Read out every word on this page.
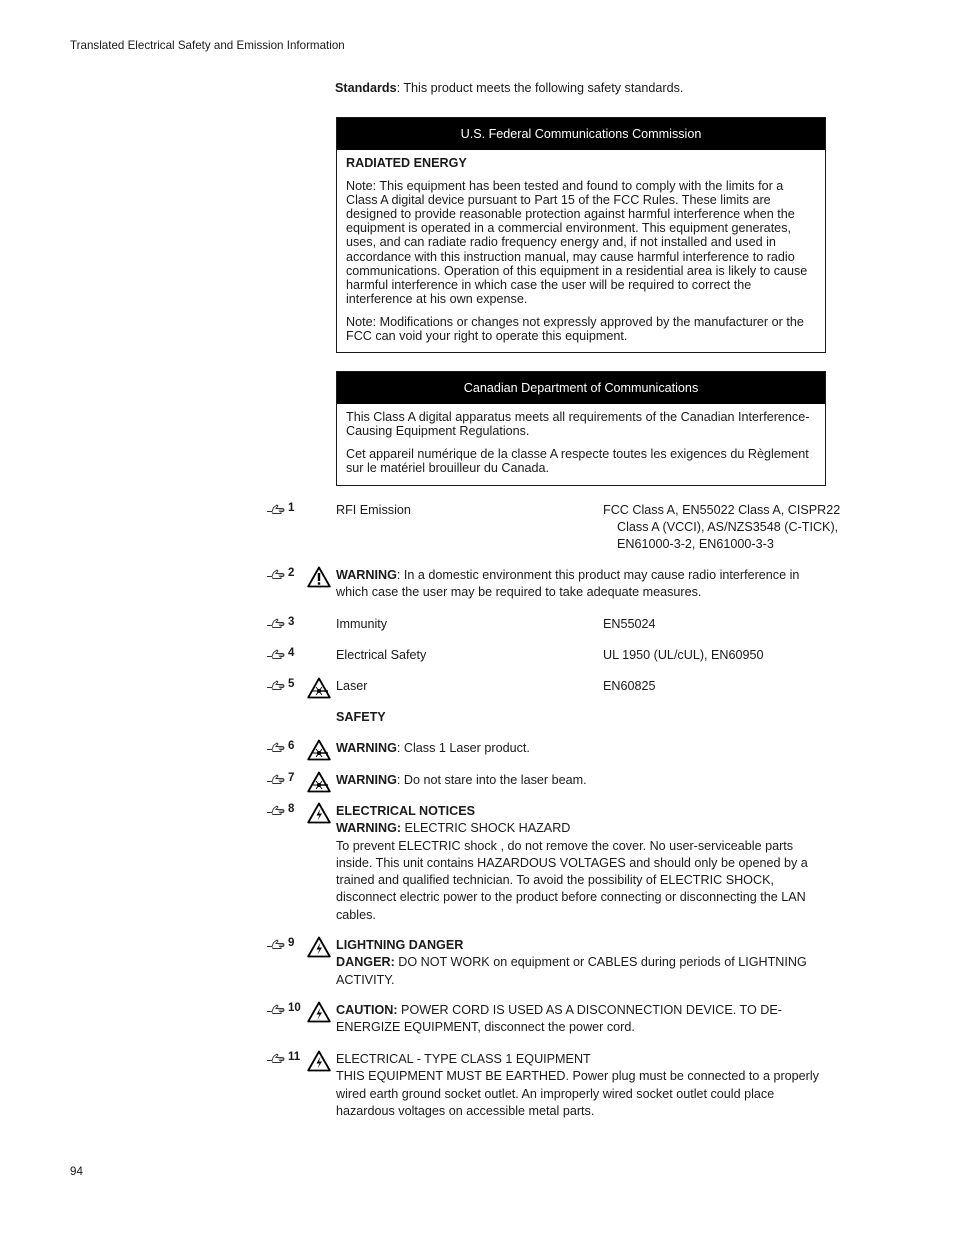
Translated Electrical Safety and Emission Information
Standards: This product meets the following safety standards.
U.S. Federal Communications Commission

RADIATED ENERGY

Note: This equipment has been tested and found to comply with the limits for a Class A digital device pursuant to Part 15 of the FCC Rules. These limits are designed to provide reasonable protection against harmful interference when the equipment is operated in a commercial environment. This equipment generates, uses, and can radiate radio frequency energy and, if not installed and used in accordance with this instruction manual, may cause harmful interference to radio communications. Operation of this equipment in a residential area is likely to cause harmful interference in which case the user will be required to correct the interference at his own expense.

Note: Modifications or changes not expressly approved by the manufacturer or the FCC can void your right to operate this equipment.

Canadian Department of Communications

This Class A digital apparatus meets all requirements of the Canadian Interference-Causing Equipment Regulations.

Cet appareil numérique de la classe A respecte toutes les exigences du Règlement sur le matériel brouilleur du Canada.

1	RFI Emission	FCC Class A, EN55022 Class A, CISPR22
Class A (VCCI), AS/NZS3548 (C-TICK),
EN61000-3-2, EN61000-3-3
2	WARNING: In a domestic environment this product may cause radio interference in which case the user may be required to take adequate measures.
3	Immunity	EN55024
4	Electrical Safety	UL 1950 (UL/cUL), EN60950
5	Laser	EN60825
SAFETY
6	WARNING: Class 1 Laser product.
7	WARNING: Do not stare into the laser beam.
8	ELECTRICAL NOTICES
WARNING: ELECTRIC SHOCK HAZARD
To prevent ELECTRIC shock , do not remove the cover. No user-serviceable parts inside. This unit contains HAZARDOUS VOLTAGES and should only be opened by a trained and qualified technician. To avoid the possibility of ELECTRIC SHOCK, disconnect electric power to the product before connecting or disconnecting the LAN cables.
9	LIGHTNING DANGER
DANGER: DO NOT WORK on equipment or CABLES during periods of LIGHTNING ACTIVITY.
10	CAUTION: POWER CORD IS USED AS A DISCONNECTION DEVICE. TO DE-ENERGIZE EQUIPMENT, disconnect the power cord.
11	ELECTRICAL - TYPE CLASS 1 EQUIPMENT
THIS EQUIPMENT MUST BE EARTHED. Power plug must be connected to a properly wired earth ground socket outlet. An improperly wired socket outlet could place hazardous voltages on accessible metal parts.
94
